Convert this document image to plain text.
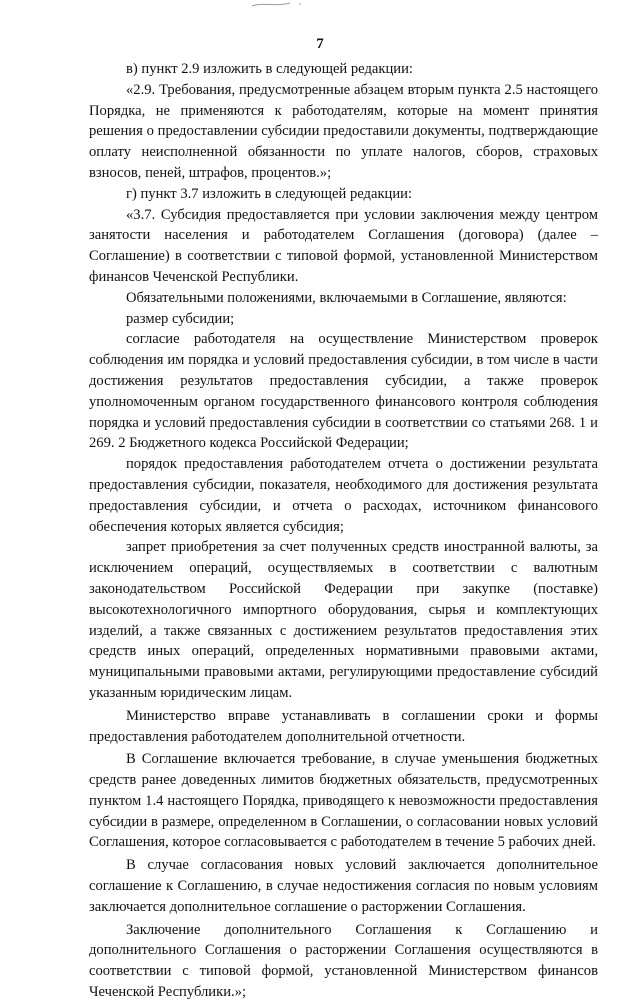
7

в) пункт 2.9 изложить в следующей редакции:

«2.9. Требования, предусмотренные абзацем вторым пункта 2.5 настоящего Порядка, не применяются к работодателям, которые на момент принятия решения о предоставлении субсидии предоставили документы, подтверждающие оплату неисполненной обязанности по уплате налогов, сборов, страховых взносов, пеней, штрафов, процентов.»;

г) пункт 3.7 изложить в следующей редакции:

«3.7. Субсидия предоставляется при условии заключения между центром занятости населения и работодателем Соглашения (договора) (далее – Соглашение) в соответствии с типовой формой, установленной Министерством финансов Чеченской Республики.

Обязательными положениями, включаемыми в Соглашение, являются:

размер субсидии;

согласие работодателя на осуществление Министерством проверок соблюдения им порядка и условий предоставления субсидии, в том числе в части достижения результатов предоставления субсидии, а также проверок уполномоченным органом государственного финансового контроля соблюдения порядка и условий предоставления субсидии в соответствии со статьями 268. 1 и 269. 2 Бюджетного кодекса Российской Федерации;

порядок предоставления работодателем отчета о достижении результата предоставления субсидии, показателя, необходимого для достижения результата предоставления субсидии, и отчета о расходах, источником финансового обеспечения которых является субсидия;

запрет приобретения за счет полученных средств иностранной валюты, за исключением операций, осуществляемых в соответствии с валютным законодательством Российской Федерации при закупке (поставке) высокотехнологичного импортного оборудования, сырья и комплектующих изделий, а также связанных с достижением результатов предоставления этих средств иных операций, определенных нормативными правовыми актами, муниципальными правовыми актами, регулирующими предоставление субсидий указанным юридическим лицам.

Министерство вправе устанавливать в соглашении сроки и формы предоставления работодателем дополнительной отчетности.

В Соглашение включается требование, в случае уменьшения бюджетных средств ранее доведенных лимитов бюджетных обязательств, предусмотренных пунктом 1.4 настоящего Порядка, приводящего к невозможности предоставления субсидии в размере, определенном в Соглашении, о согласовании новых условий Соглашения, которое согласовывается с работодателем в течение 5 рабочих дней.

В случае согласования новых условий заключается дополнительное соглашение к Соглашению, в случае недостижения согласия по новым условиям заключается дополнительное соглашение о расторжении Соглашения.

Заключение дополнительного Соглашения к Соглашению и дополнительного Соглашения о расторжении Соглашения осуществляются в соответствии с типовой формой, установленной Министерством финансов Чеченской Республики.»;
